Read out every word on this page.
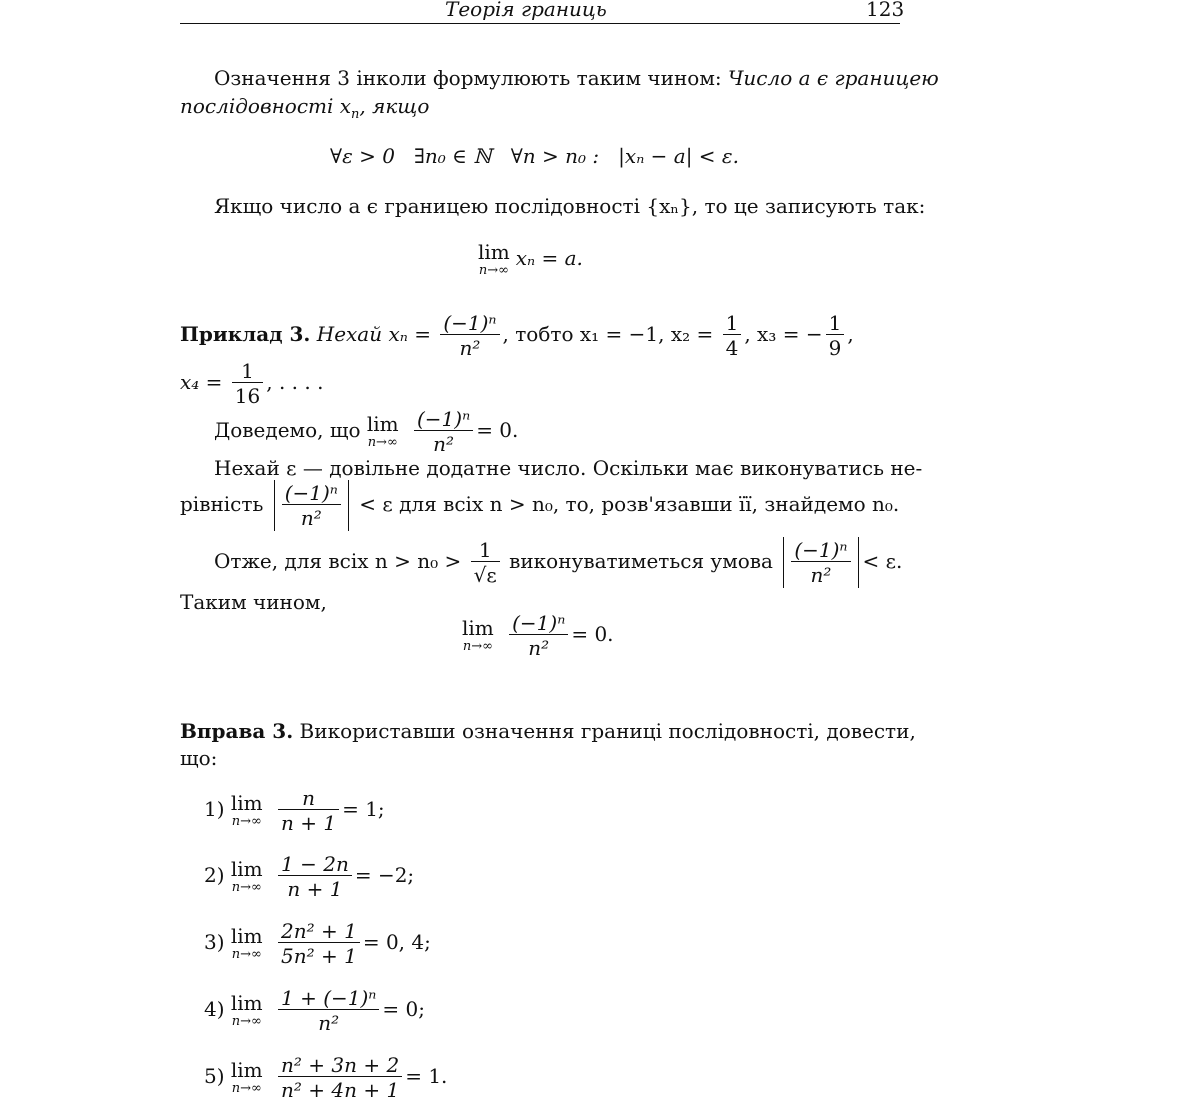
Теорія границь	123
Означення 3 інколи формулюють таким чином: Число a є границею
послідовності $x_n$, якщо
∀ε > 0   ∃n₀ ∈ ℕ   ∀n > n₀ :   |xₙ − a| < ε.
Якщо число a є границею послідовності {xₙ}, то це записують так:
lim
n→∞
xₙ = a.
Приклад 3. Нехай $x_n = \frac{\text{(−1)ⁿ}}{\text{n²}}$ , тобто x₁ = −1, $x_2 = \frac{1}{4}$ , x₃ = − $\frac{1}{9}$ ,
$x_4 = \frac{1}{16}$ , . . . .
Доведемо, що lim
n→∞
$\frac{\text{(−1)ⁿ}}{\text{n²}} = 0$.
Нехай ε — довільне додатне число. Оскільки має виконуватись не-
рівність $\frac{\text{(−1)ⁿ}}{\text{n²}} < \varepsilon$ для всіх n > n₀, то, розв'язавши її, знайдемо n₀.
Отже, для всіх $n > n_0 > \frac{1}{√\varepsilon}$ виконуватиметься умова $\frac{\text{(−1)ⁿ}}{\text{n²}} < \varepsilon$.
Таким чином,
lim
n→∞
$\frac{\text{(−1)ⁿ}}{\text{n²}} = 0$.
Вправа 3. Використавши означення границі послідовності, довести,
що:
1) lim
n→∞
$\frac{n}{n + 1} = 1$;
2) lim
n→∞
$\frac{1 - 2n}{n + 1} = -2$;
3) lim
n→∞
$\frac{\text{2n² + 1}}{\text{5n² + 1}} = 0$, 4;
4) lim
n→∞
$\frac{\text{1 + (−1)ⁿ}}{\text{n²}} = 0$;
5) lim
n→∞
$\frac{\text{n² + 3n + 2}}{\text{n² + 4n + 1}} = 1$.
